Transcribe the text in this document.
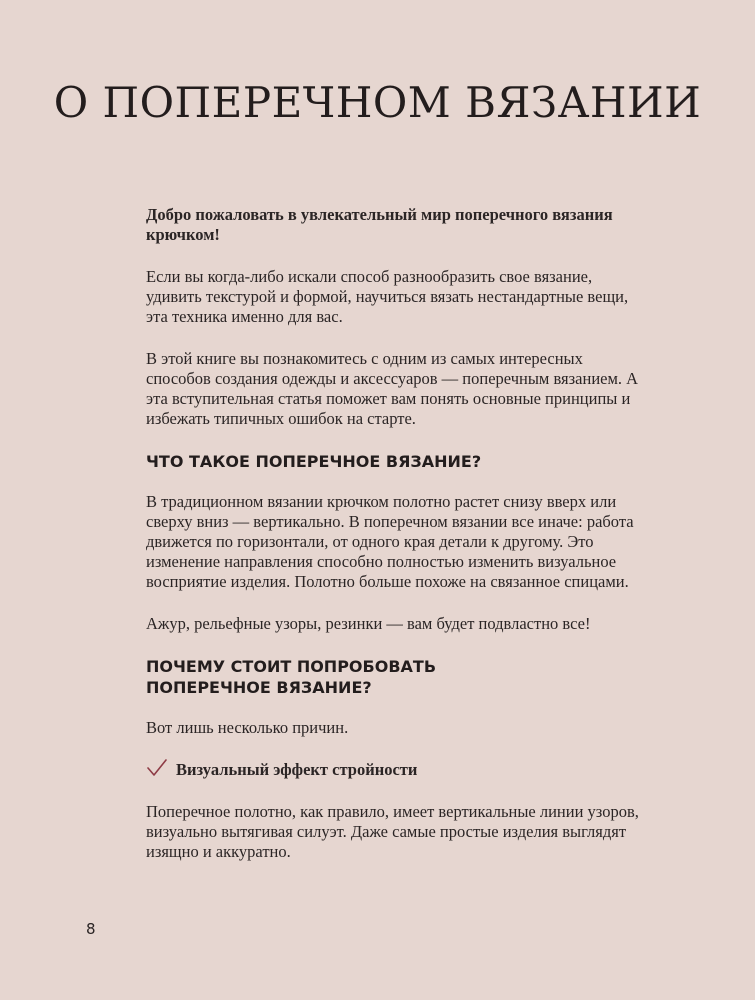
О ПОПЕРЕЧНОМ ВЯЗАНИИ

Добро пожаловать в увлекательный мир поперечного вязания крючком!

Если вы когда-либо искали способ разнообразить свое вязание, удивить текстурой и формой, научиться вязать нестандартные вещи, эта техника именно для вас.

В этой книге вы познакомитесь с одним из самых интересных способов создания одежды и аксессуаров — поперечным вязанием. А эта вступительная статья поможет вам понять основные принципы и избежать типичных ошибок на старте.

ЧТО ТАКОЕ ПОПЕРЕЧНОЕ ВЯЗАНИЕ?

В традиционном вязании крючком полотно растет снизу вверх или сверху вниз — вертикально. В поперечном вязании все иначе: работа движется по горизонтали, от одного края детали к другому. Это изменение направления способно полностью изменить визуальное восприятие изделия. Полотно больше похоже на связанное спицами.

Ажур, рельефные узоры, резинки — вам будет подвластно все!

ПОЧЕМУ СТОИТ ПОПРОБОВАТЬ
ПОПЕРЕЧНОЕ ВЯЗАНИЕ?

Вот лишь несколько причин.

Визуальный эффект стройности

Поперечное полотно, как правило, имеет вертикальные линии узоров, визуально вытягивая силуэт. Даже самые простые изделия выглядят изящно и аккуратно.

8
